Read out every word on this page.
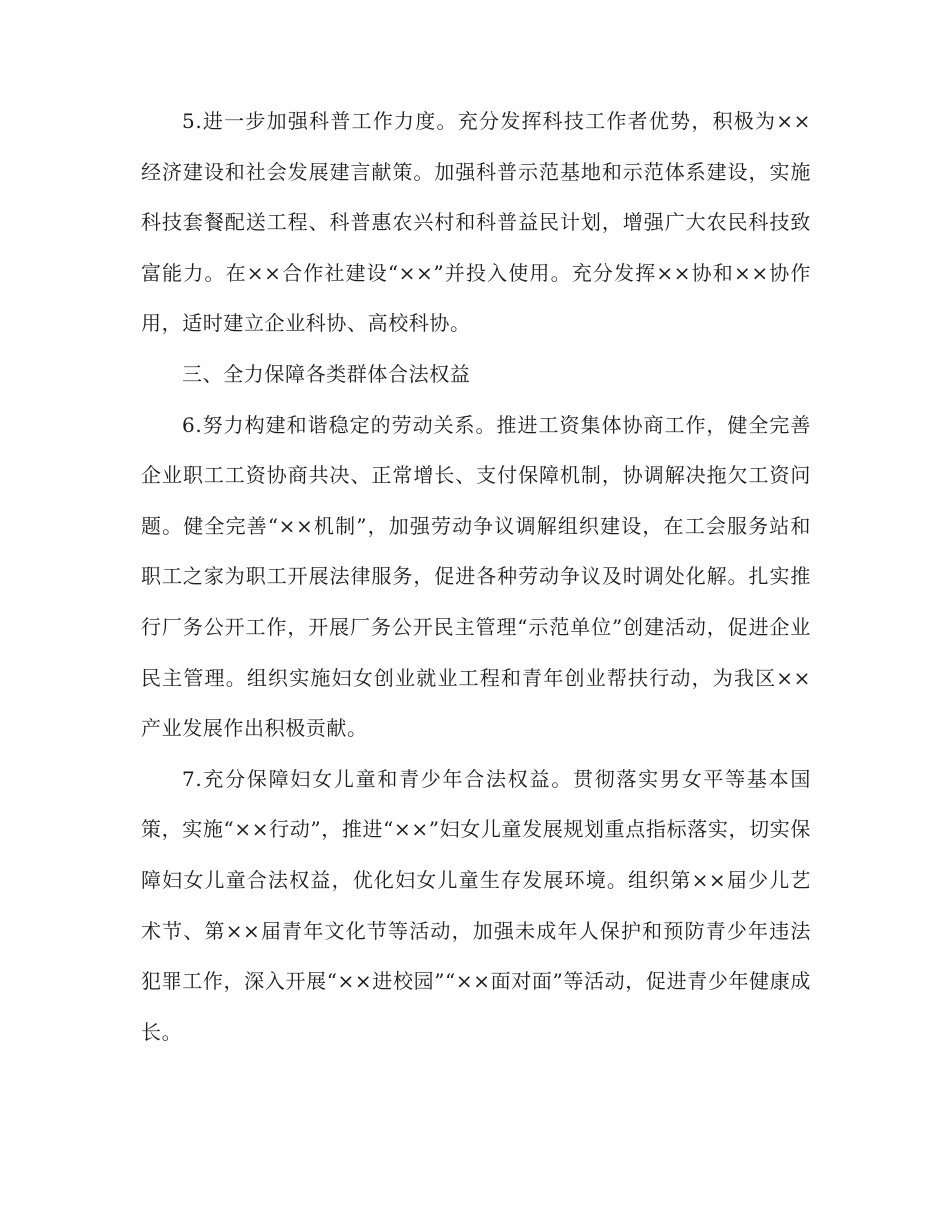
5.进一步加强科普工作力度。充分发挥科技工作者优势，积极为××经济建设和社会发展建言献策。加强科普示范基地和示范体系建设，实施科技套餐配送工程、科普惠农兴村和科普益民计划，增强广大农民科技致富能力。在××合作社建设“××”并投入使用。充分发挥××协和××协作用，适时建立企业科协、高校科协。

三、全力保障各类群体合法权益

6.努力构建和谐稳定的劳动关系。推进工资集体协商工作，健全完善企业职工工资协商共决、正常增长、支付保障机制，协调解决拖欠工资问题。健全完善“××机制”，加强劳动争议调解组织建设，在工会服务站和职工之家为职工开展法律服务，促进各种劳动争议及时调处化解。扎实推行厂务公开工作，开展厂务公开民主管理“示范单位”创建活动，促进企业民主管理。组织实施妇女创业就业工程和青年创业帮扶行动，为我区××产业发展作出积极贡献。

7.充分保障妇女儿童和青少年合法权益。贯彻落实男女平等基本国策，实施“××行动”，推进“××”妇女儿童发展规划重点指标落实，切实保障妇女儿童合法权益，优化妇女儿童生存发展环境。组织第××届少儿艺术节、第××届青年文化节等活动，加强未成年人保护和预防青少年违法犯罪工作，深入开展“××进校园”“××面对面”等活动，促进青少年健康成长。
